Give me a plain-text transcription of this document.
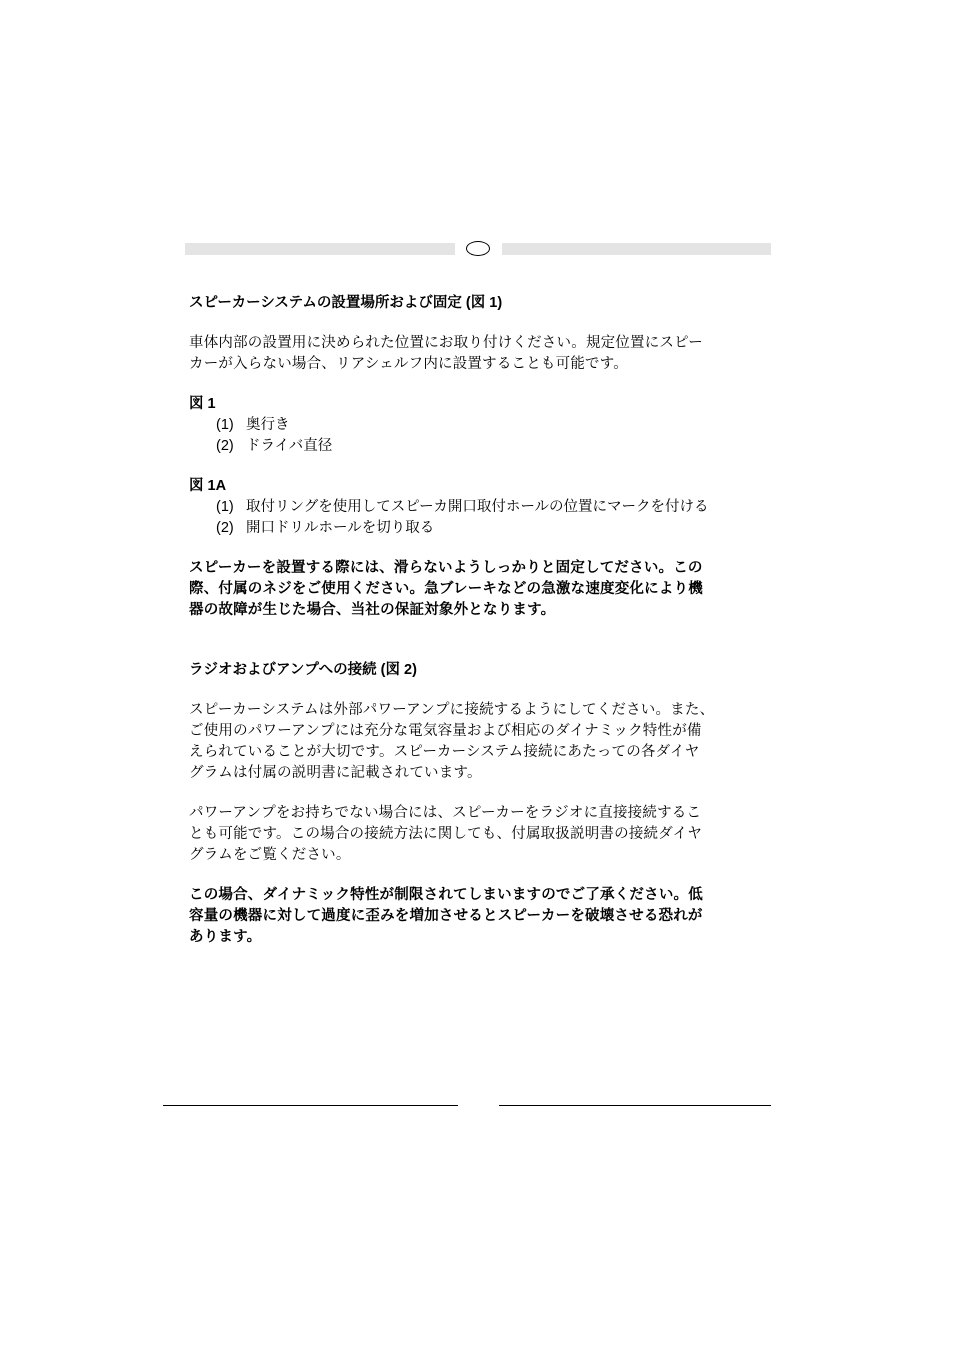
スピーカーシステムの設置場所および固定 (図 1)

車体内部の設置用に決められた位置にお取り付けください。規定位置にスピー
カーが入らない場合、リアシェルフ内に設置することも可能です。

図 1

(1) 奥行き
(2) ドライバ直径

図 1A

(1) 取付リングを使用してスピーカ開口取付ホールの位置にマークを付ける
(2) 開口ドリルホールを切り取る

スピーカーを設置する際には、滑らないようしっかりと固定してださい。この
際、付属のネジをご使用ください。急ブレーキなどの急激な速度変化により機
器の故障が生じた場合、当社の保証対象外となります。

ラジオおよびアンプへの接続 (図 2)

スピーカーシステムは外部パワーアンプに接続するようにしてください。また、
ご使用のパワーアンプには充分な電気容量および相応のダイナミック特性が備
えられていることが大切です。スピーカーシステム接続にあたっての各ダイヤ
グラムは付属の説明書に記載されています。

パワーアンプをお持ちでない場合には、スピーカーをラジオに直接接続するこ
とも可能です。この場合の接続方法に関しても、付属取扱説明書の接続ダイヤ
グラムをご覧ください。

この場合、ダイナミック特性が制限されてしまいますのでご了承ください。低
容量の機器に対して過度に歪みを増加させるとスピーカーを破壊させる恐れが
あります。
